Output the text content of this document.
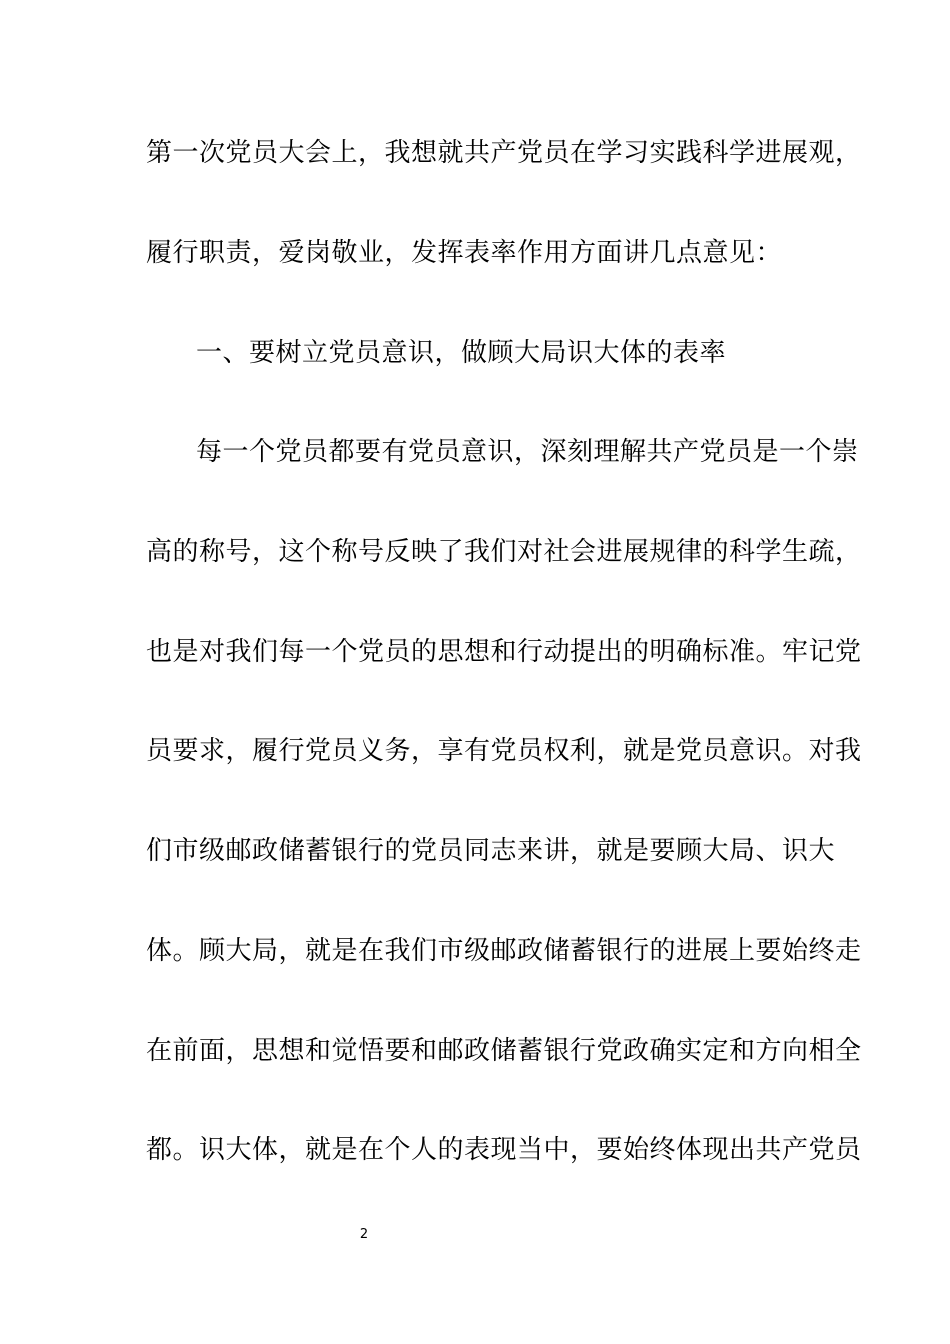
第一次党员大会上，我想就共产党员在学习实践科学进展观，
履行职责，爱岗敬业，发挥表率作用方面讲几点意见：
一、要树立党员意识，做顾大局识大体的表率
每一个党员都要有党员意识，深刻理解共产党员是一个崇
高的称号，这个称号反映了我们对社会进展规律的科学生疏，
也是对我们每一个党员的思想和行动提出的明确标准。牢记党
员要求，履行党员义务，享有党员权利，就是党员意识。对我
们市级邮政储蓄银行的党员同志来讲，就是要顾大局、识大
体。顾大局，就是在我们市级邮政储蓄银行的进展上要始终走
在前面，思想和觉悟要和邮政储蓄银行党政确实定和方向相全
都。识大体，就是在个人的表现当中，要始终体现出共产党员
2
